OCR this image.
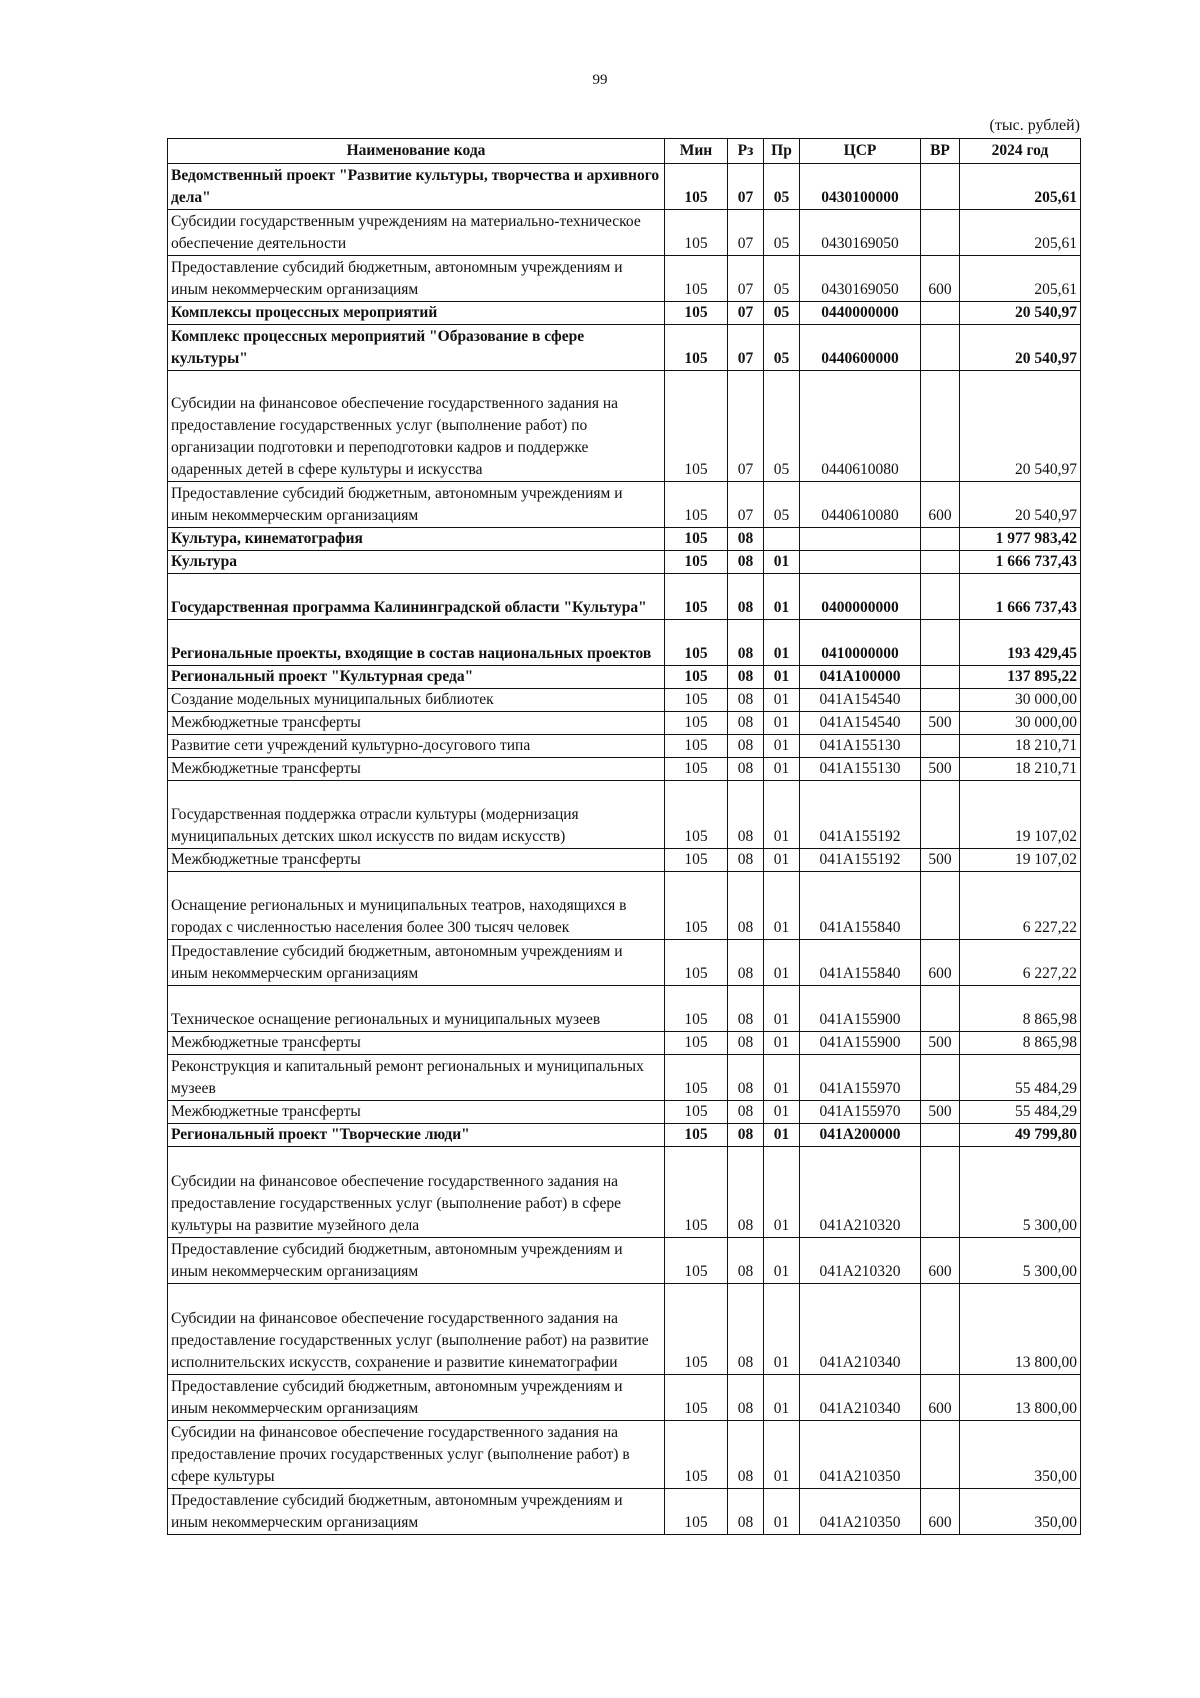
99
(тыс. рублей)
Наименование кода	Мин	Рз	Пр	ЦСР	ВР	2024 год
Ведомственный проект "Развитие культуры, творчества и архивного дела"	105	07	05	0430100000		205,61
Субсидии государственным учреждениям на материально-техническое обеспечение деятельности	105	07	05	0430169050		205,61
Предоставление субсидий бюджетным, автономным учреждениям и иным некоммерческим организациям	105	07	05	0430169050	600	205,61
Комплексы процессных мероприятий	105	07	05	0440000000		20 540,97
Комплекс процессных мероприятий "Образование в сфере культуры"	105	07	05	0440600000		20 540,97
Субсидии на финансовое обеспечение государственного задания на предоставление государственных услуг (выполнение работ) по организации подготовки и переподготовки кадров и поддержке одаренных детей в сфере культуры и искусства	105	07	05	0440610080		20 540,97
Предоставление субсидий бюджетным, автономным учреждениям и иным некоммерческим организациям	105	07	05	0440610080	600	20 540,97
Культура, кинематография	105	08				1 977 983,42
Культура	105	08	01			1 666 737,43
Государственная программа Калининградской области "Культура"	105	08	01	0400000000		1 666 737,43
Региональные проекты, входящие в состав национальных проектов	105	08	01	0410000000		193 429,45
Региональный проект "Культурная среда"	105	08	01	041A100000		137 895,22
Создание модельных муниципальных библиотек	105	08	01	041A154540		30 000,00
Межбюджетные трансферты	105	08	01	041A154540	500	30 000,00
Развитие сети учреждений культурно-досугового типа	105	08	01	041A155130		18 210,71
Межбюджетные трансферты	105	08	01	041A155130	500	18 210,71
Государственная поддержка отрасли культуры (модернизация муниципальных детских школ искусств по видам искусств)	105	08	01	041A155192		19 107,02
Межбюджетные трансферты	105	08	01	041A155192	500	19 107,02
Оснащение региональных и муниципальных театров, находящихся в городах с численностью населения более 300 тысяч человек	105	08	01	041A155840		6 227,22
Предоставление субсидий бюджетным, автономным учреждениям и иным некоммерческим организациям	105	08	01	041A155840	600	6 227,22
Техническое оснащение региональных и муниципальных музеев	105	08	01	041A155900		8 865,98
Межбюджетные трансферты	105	08	01	041A155900	500	8 865,98
Реконструкция и капитальный ремонт региональных и муниципальных музеев	105	08	01	041A155970		55 484,29
Межбюджетные трансферты	105	08	01	041A155970	500	55 484,29
Региональный проект "Творческие люди"	105	08	01	041A200000		49 799,80
Субсидии на финансовое обеспечение государственного задания на предоставление государственных услуг (выполнение работ) в сфере культуры на развитие музейного дела	105	08	01	041A210320		5 300,00
Предоставление субсидий бюджетным, автономным учреждениям и иным некоммерческим организациям	105	08	01	041A210320	600	5 300,00
Субсидии на финансовое обеспечение государственного задания на предоставление государственных услуг (выполнение работ) на развитие исполнительских искусств, сохранение и развитие кинематографии	105	08	01	041A210340		13 800,00
Предоставление субсидий бюджетным, автономным учреждениям и иным некоммерческим организациям	105	08	01	041A210340	600	13 800,00
Субсидии на финансовое обеспечение государственного задания на предоставление прочих государственных услуг (выполнение работ) в сфере культуры	105	08	01	041A210350		350,00
Предоставление субсидий бюджетным, автономным учреждениям и иным некоммерческим организациям	105	08	01	041A210350	600	350,00
